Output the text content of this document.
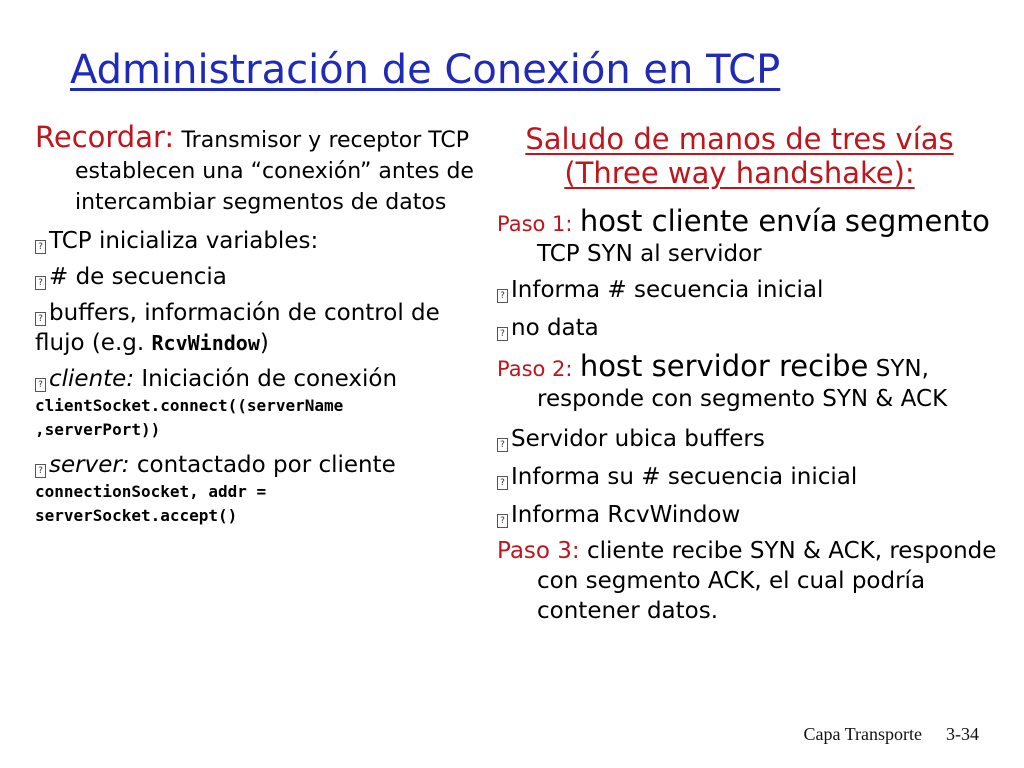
Administración de Conexión en TCP
Recordar: Transmisor y receptor TCP establecen una “conexión” antes de intercambiar segmentos de datos
?TCP inicializa variables:
?# de secuencia
?buffers, información de control de flujo (e.g. RcvWindow)
?cliente: Iniciación de conexión
clientSocket.connect((serverName
,serverPort))
?server: contactado por cliente
connectionSocket, addr =
serverSocket.accept()
Saludo de manos de tres vías
(Three way handshake):
Paso 1: host cliente envía segmento TCP SYN al servidor
?Informa # secuencia inicial
?no data
Paso 2: host servidor recibe SYN, responde con segmento SYN & ACK
?Servidor ubica buffers
?Informa su # secuencia inicial
?Informa RcvWindow
Paso 3: cliente recibe SYN & ACK, responde con segmento ACK, el cual podría contener datos.
Capa Transporte 3-34
